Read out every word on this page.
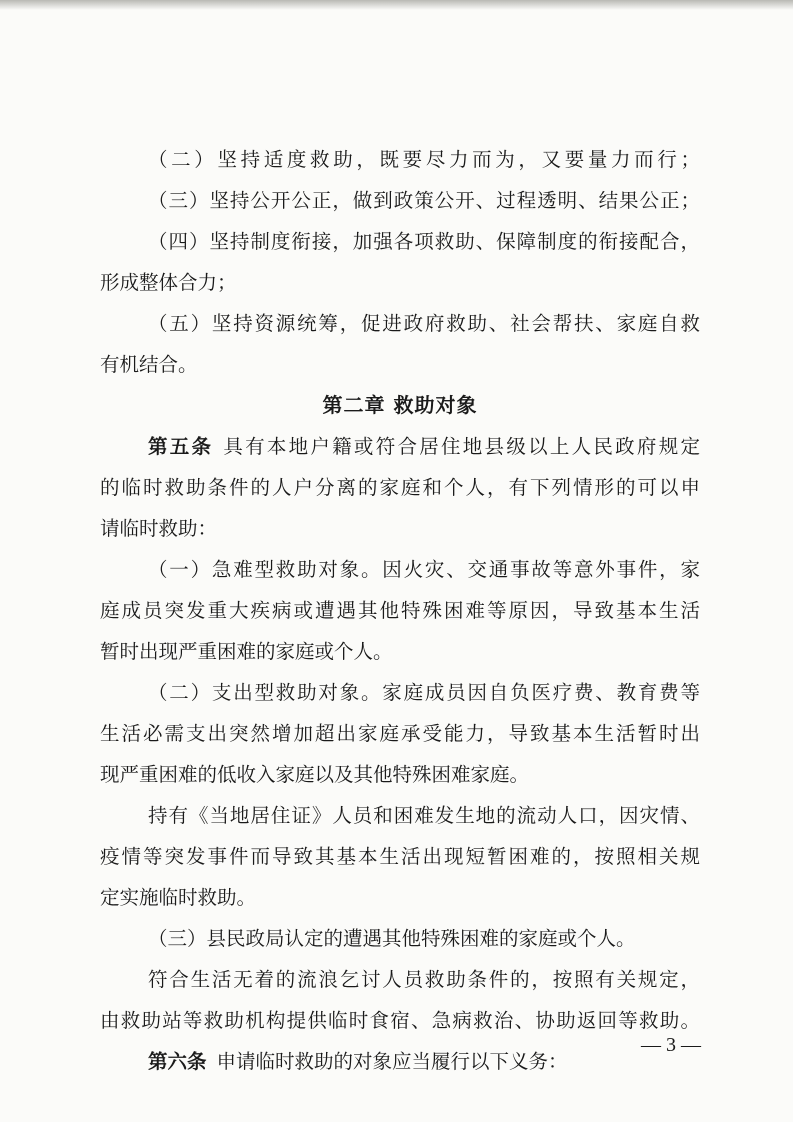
（二）坚持适度救助，既要尽力而为，又要量力而行；
（三）坚持公开公正，做到政策公开、过程透明、结果公正；
（四）坚持制度衔接，加强各项救助、保障制度的衔接配合，
形成整体合力；
（五）坚持资源统筹，促进政府救助、社会帮扶、家庭自救
有机结合。
第二章 救助对象
第五条 具有本地户籍或符合居住地县级以上人民政府规定
的临时救助条件的人户分离的家庭和个人，有下列情形的可以申
请临时救助：
（一）急难型救助对象。因火灾、交通事故等意外事件，家
庭成员突发重大疾病或遭遇其他特殊困难等原因，导致基本生活
暂时出现严重困难的家庭或个人。
（二）支出型救助对象。家庭成员因自负医疗费、教育费等
生活必需支出突然增加超出家庭承受能力，导致基本生活暂时出
现严重困难的低收入家庭以及其他特殊困难家庭。
持有《当地居住证》人员和困难发生地的流动人口，因灾情、
疫情等突发事件而导致其基本生活出现短暂困难的，按照相关规
定实施临时救助。
（三）县民政局认定的遭遇其他特殊困难的家庭或个人。
符合生活无着的流浪乞讨人员救助条件的，按照有关规定，
由救助站等救助机构提供临时食宿、急病救治、协助返回等救助。
第六条 申请临时救助的对象应当履行以下义务：
— 3 —
